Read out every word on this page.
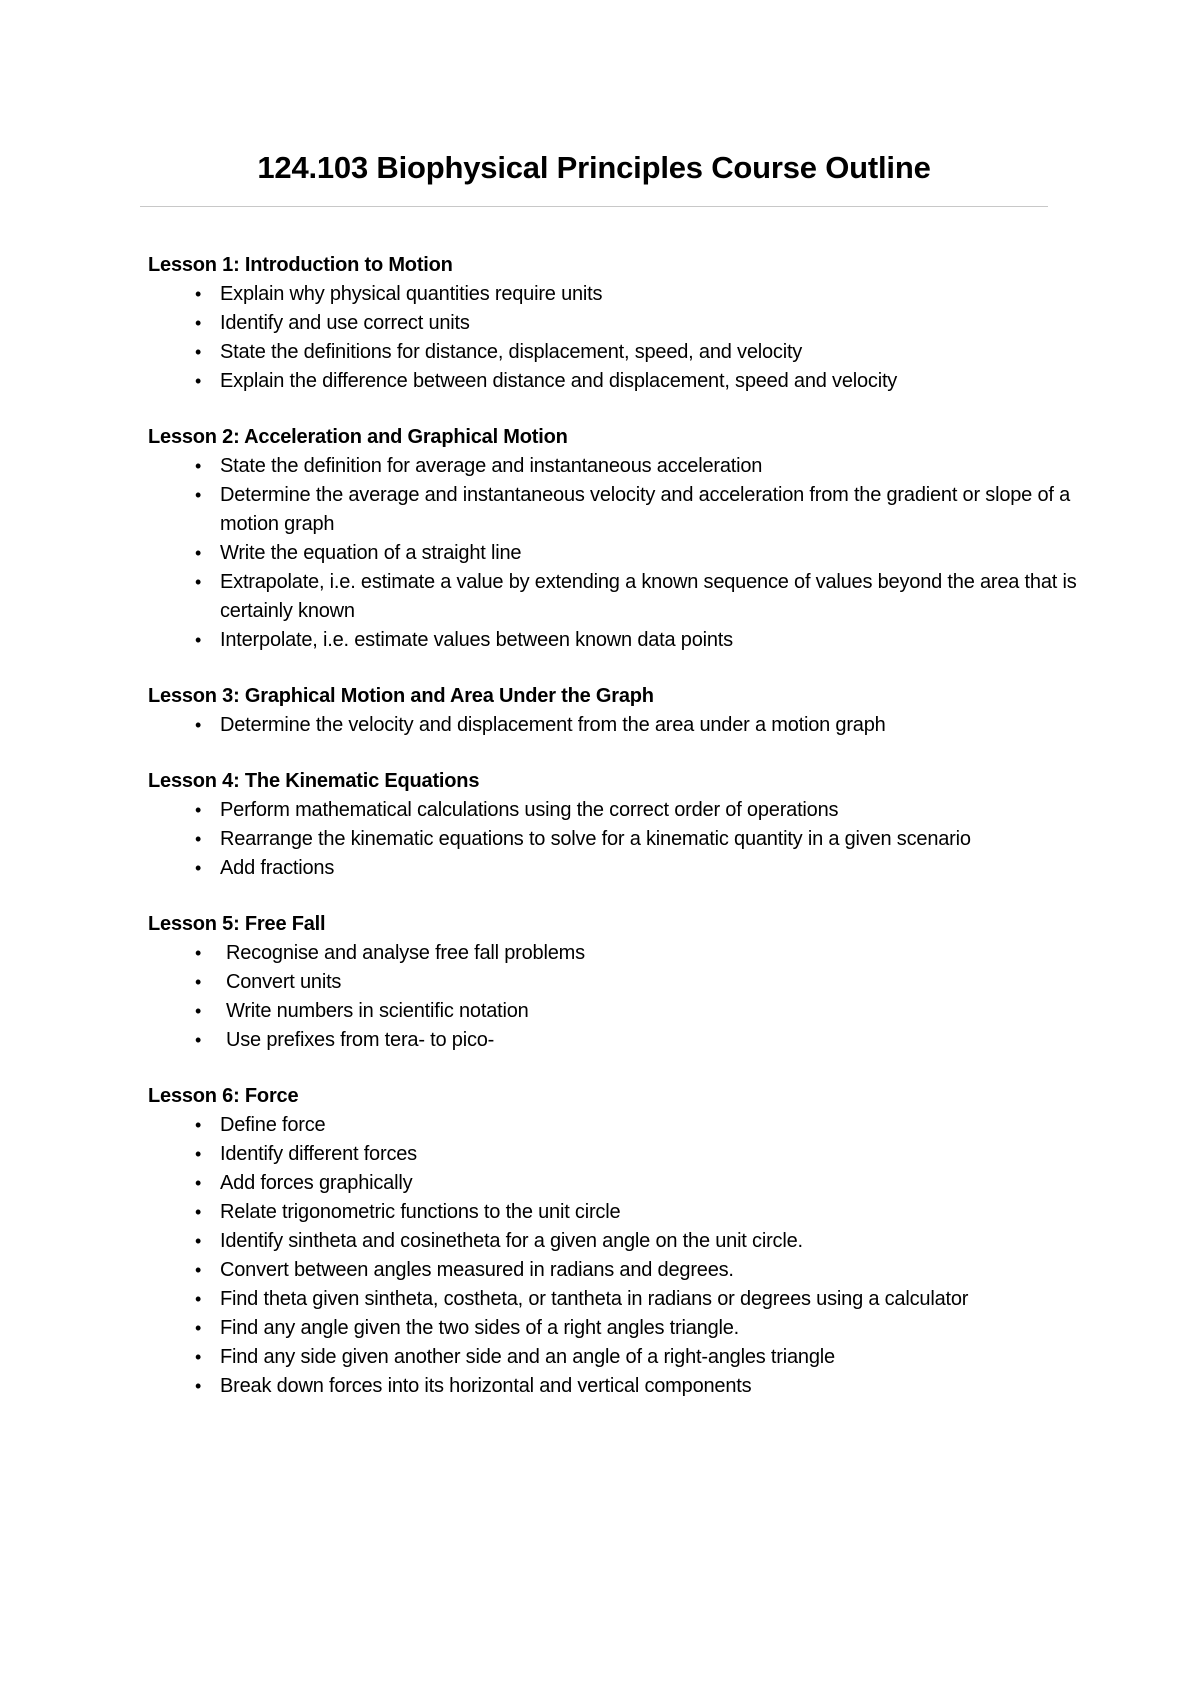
124.103 Biophysical Principles Course Outline
Lesson 1: Introduction to Motion
• Explain why physical quantities require units
• Identify and use correct units
• State the definitions for distance, displacement, speed, and velocity
• Explain the difference between distance and displacement, speed and velocity
Lesson 2: Acceleration and Graphical Motion
• State the definition for average and instantaneous acceleration
• Determine the average and instantaneous velocity and acceleration from the gradient or slope of a motion graph
• Write the equation of a straight line
• Extrapolate, i.e. estimate a value by extending a known sequence of values beyond the area that is certainly known
• Interpolate, i.e. estimate values between known data points
Lesson 3: Graphical Motion and Area Under the Graph
• Determine the velocity and displacement from the area under a motion graph
Lesson 4: The Kinematic Equations
• Perform mathematical calculations using the correct order of operations
• Rearrange the kinematic equations to solve for a kinematic quantity in a given scenario
• Add fractions
Lesson 5: Free Fall
•	Recognise and analyse free fall problems
•	Convert units
•	Write numbers in scientific notation
•	Use prefixes from tera- to pico-
Lesson 6: Force
• Define force
• Identify different forces
• Add forces graphically
• Relate trigonometric functions to the unit circle
• Identify sintheta and cosinetheta for a given angle on the unit circle.
• Convert between angles measured in radians and degrees.
• Find theta given sintheta, costheta, or tantheta in radians or degrees using a calculator
• Find any angle given the two sides of a right angles triangle.
• Find any side given another side and an angle of a right-angles triangle
• Break down forces into its horizontal and vertical components
